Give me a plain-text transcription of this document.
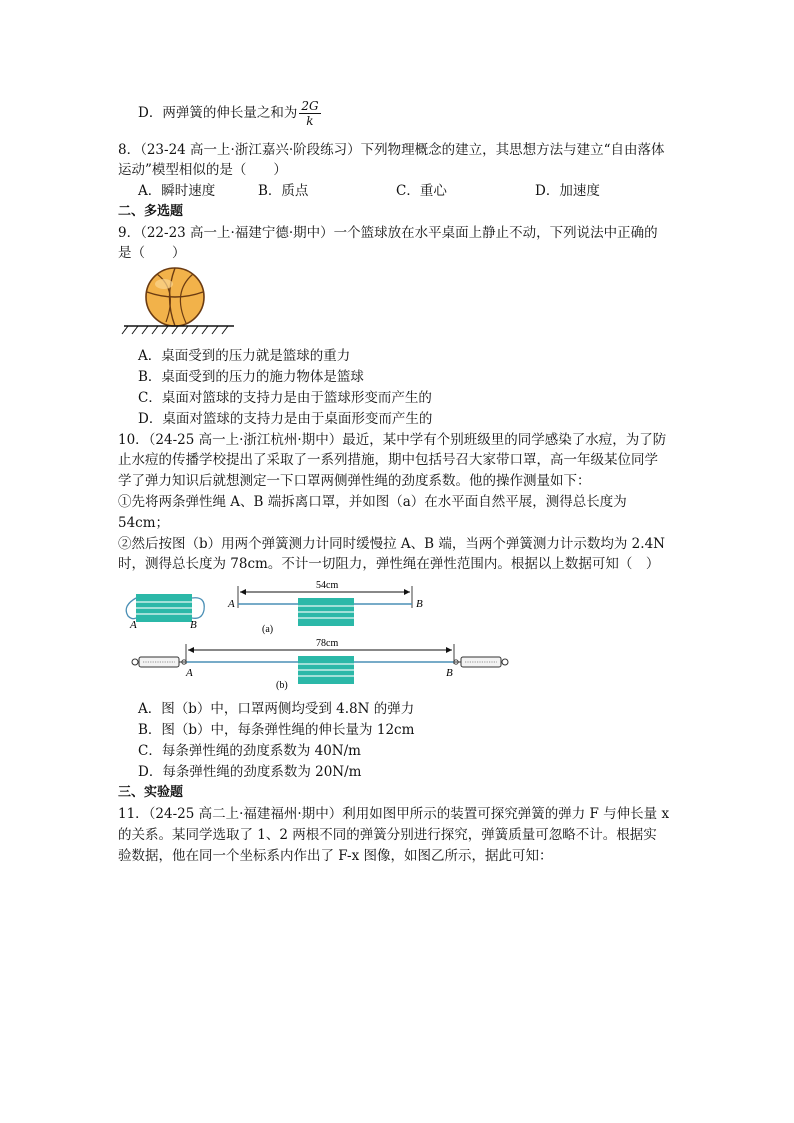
D．两弹簧的伸长量之和为 $\frac{2G}{k}$
8．（23-24 高一上·浙江嘉兴·阶段练习）下列物理概念的建立，其思想方法与建立“自由落体
运动”模型相似的是（　　）
A．瞬时速度	B．质点	C．重心	D．加速度
二、多选题
9．（22-23 高一上·福建宁德·期中）一个篮球放在水平桌面上静止不动，下列说法中正确的
是（　　）
A．桌面受到的压力就是篮球的重力
B．桌面受到的压力的施力物体是篮球
C．桌面对篮球的支持力是由于篮球形变而产生的
D．桌面对篮球的支持力是由于桌面形变而产生的
10．（24-25 高一上·浙江杭州·期中）最近，某中学有个别班级里的同学感染了水痘，为了防
止水痘的传播学校提出了采取了一系列措施，期中包括号召大家带口罩，高一年级某位同学
学了弹力知识后就想测定一下口罩两侧弹性绳的劲度系数。他的操作测量如下：
①先将两条弹性绳 A、B 端拆离口罩，并如图（a）在水平面自然平展，测得总长度为
54cm；
②然后按图（b）用两个弹簧测力计同时缓慢拉 A、B 端，当两个弹簧测力计示数均为 2.4N
时，测得总长度为 78cm。不计一切阻力，弹性绳在弹性范围内。根据以上数据可知（　）
A	B
54cm
A	B
(a)
78cm
A	B
(b)
A．图（b）中，口罩两侧均受到 4.8N 的弹力
B．图（b）中，每条弹性绳的伸长量为 12cm
C．每条弹性绳的劲度系数为 40N/m
D．每条弹性绳的劲度系数为 20N/m
三、实验题
11．（24-25 高二上·福建福州·期中）利用如图甲所示的装置可探究弹簧的弹力 F 与伸长量 x
的关系。某同学选取了 1、2 两根不同的弹簧分别进行探究，弹簧质量可忽略不计。根据实
验数据，他在同一个坐标系内作出了 F-x 图像，如图乙所示，据此可知：
